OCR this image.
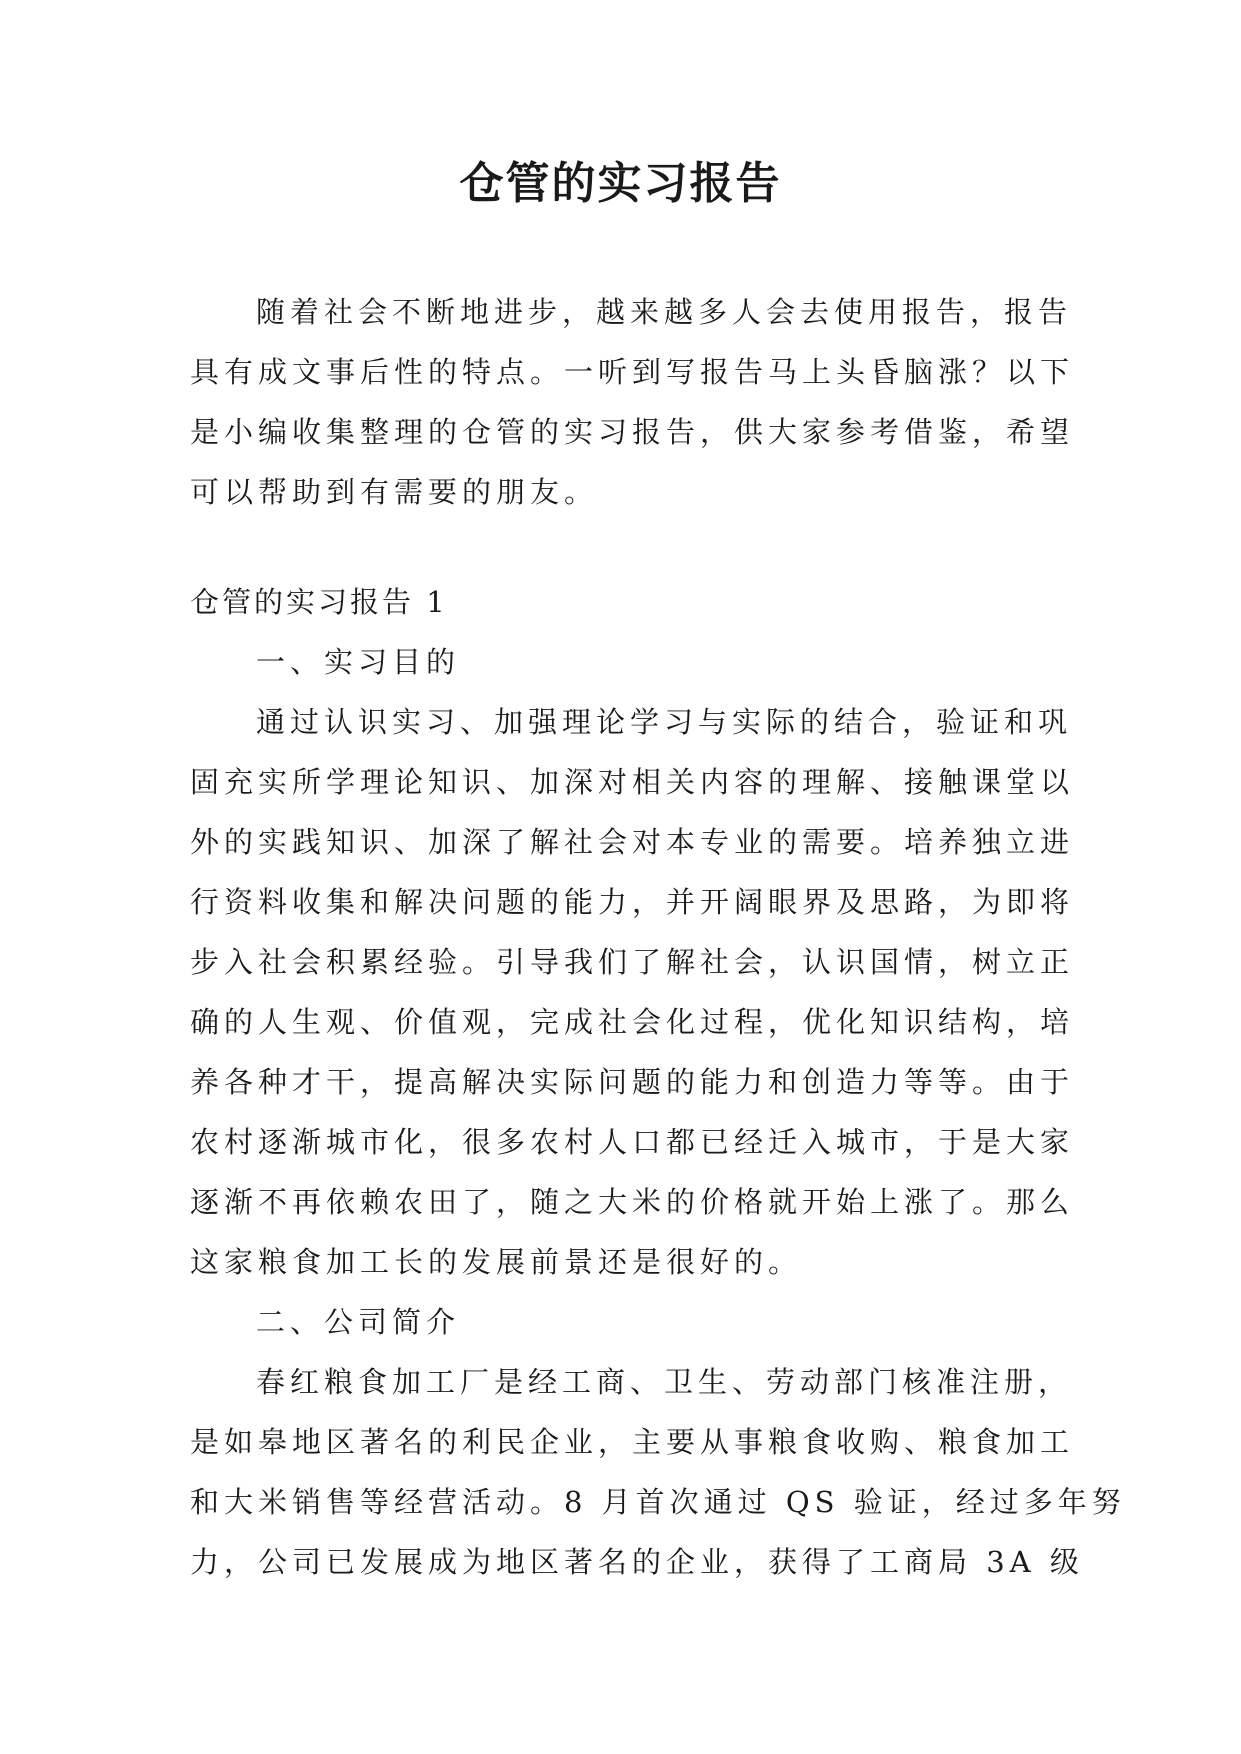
仓管的实习报告
随着社会不断地进步，越来越多人会去使用报告，报告
具有成文事后性的特点。一听到写报告马上头昏脑涨？以下
是小编收集整理的仓管的实习报告，供大家参考借鉴，希望
可以帮助到有需要的朋友。
仓管的实习报告 1
一、实习目的
通过认识实习、加强理论学习与实际的结合，验证和巩
固充实所学理论知识、加深对相关内容的理解、接触课堂以
外的实践知识、加深了解社会对本专业的需要。培养独立进
行资料收集和解决问题的能力，并开阔眼界及思路，为即将
步入社会积累经验。引导我们了解社会，认识国情，树立正
确的人生观、价值观，完成社会化过程，优化知识结构，培
养各种才干，提高解决实际问题的能力和创造力等等。由于
农村逐渐城市化，很多农村人口都已经迁入城市，于是大家
逐渐不再依赖农田了，随之大米的价格就开始上涨了。那么
这家粮食加工长的发展前景还是很好的。
二、公司简介
春红粮食加工厂是经工商、卫生、劳动部门核准注册，
是如皋地区著名的利民企业，主要从事粮食收购、粮食加工
和大米销售等经营活动。8 月首次通过 QS 验证，经过多年努
力，公司已发展成为地区著名的企业，获得了工商局 3A 级
